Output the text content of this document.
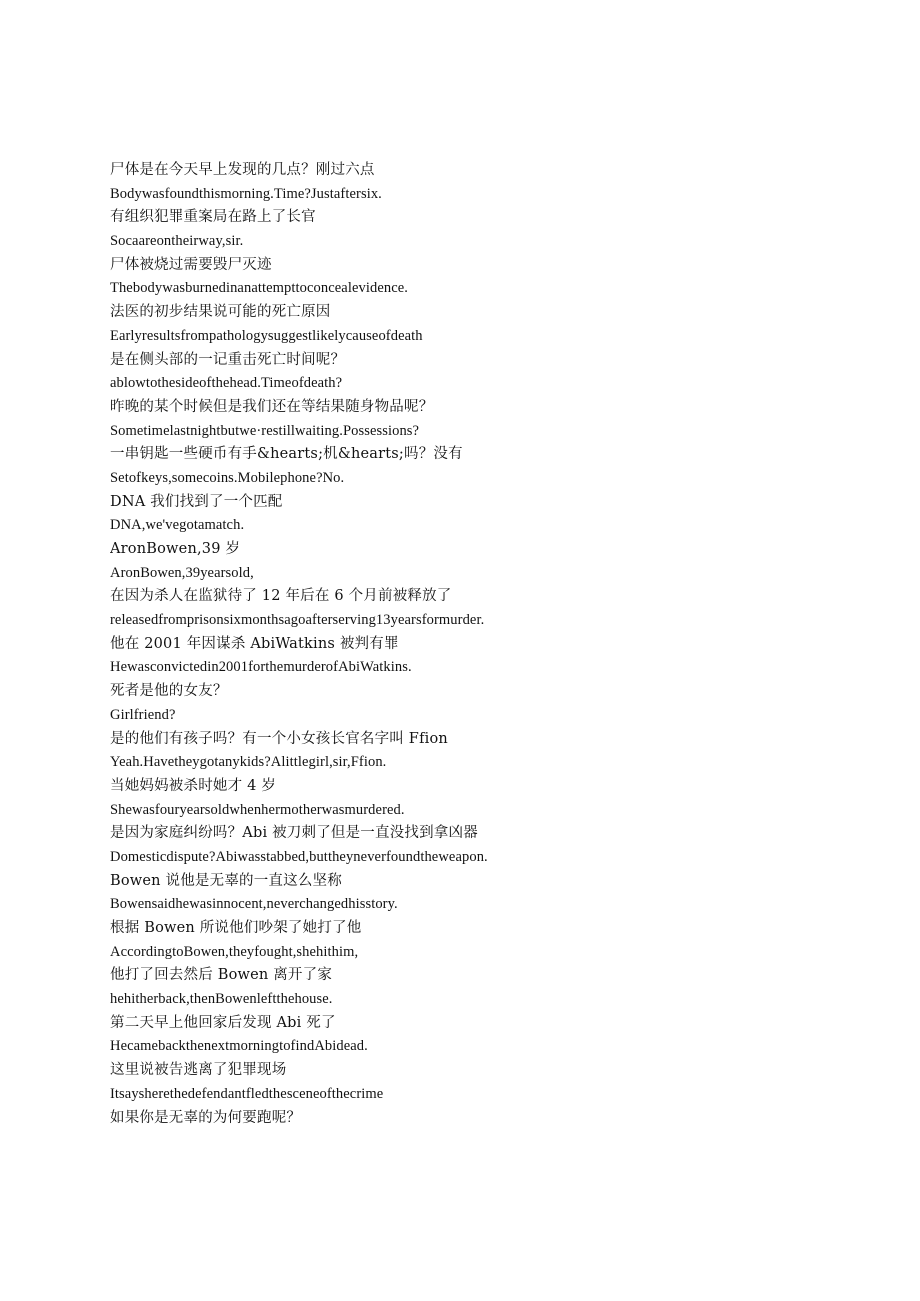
尸体是在今天早上发现的几点？刚过六点
Bodywasfoundthismorning.Time?Justaftersix.
有组织犯罪重案局在路上了长官
Socaareontheirway,sir.
尸体被烧过需要毁尸灭迹
Thebodywasburnedinanattempttoconcealevidence.
法医的初步结果说可能的死亡原因
Earlyresultsfrompathologysuggestlikelycauseofdeath
是在侧头部的一记重击死亡时间呢？
ablowtothesideofthehead.Timeofdeath?
昨晚的某个时候但是我们还在等结果随身物品呢？
Sometimelastnightbutwe·restillwaiting.Possessions?
一串钥匙一些硬币有手&hearts;机&hearts;吗？没有
Setofkeys,somecoins.Mobilephone?No.
DNA 我们找到了一个匹配
DNA,we'vegotamatch.
AronBowen,39 岁
AronBowen,39yearsold,
在因为杀人在监狱待了 12 年后在 6 个月前被释放了
releasedfromprisonsixmonthsagoafterserving13yearsformurder.
他在 2001 年因谋杀 AbiWatkins 被判有罪
Hewasconvictedin2001forthemurderofAbiWatkins.
死者是他的女友？
Girlfriend?
是的他们有孩子吗？有一个小女孩长官名字叫 Ffion
Yeah.Havetheygotanykids?Alittlegirl,sir,Ffion.
当她妈妈被杀时她才 4 岁
Shewasfouryearsoldwhenhermotherwasmurdered.
是因为家庭纠纷吗？Abi 被刀刺了但是一直没找到拿凶器
Domesticdispute?Abiwasstabbed,buttheyneverfoundtheweapon.
Bowen 说他是无辜的一直这么坚称
Bowensaidhewasinnocent,neverchangedhisstory.
根据 Bowen 所说他们吵架了她打了他
AccordingtoBowen,theyfought,shehithim,
他打了回去然后 Bowen 离开了家
hehitherback,thenBowenleftthehouse.
第二天早上他回家后发现 Abi 死了
HecamebackthenextmorningtofindAbidead.
这里说被告逃离了犯罪现场
Itsaysherethedefendantfledthesceneofthecrime
如果你是无辜的为何要跑呢？
